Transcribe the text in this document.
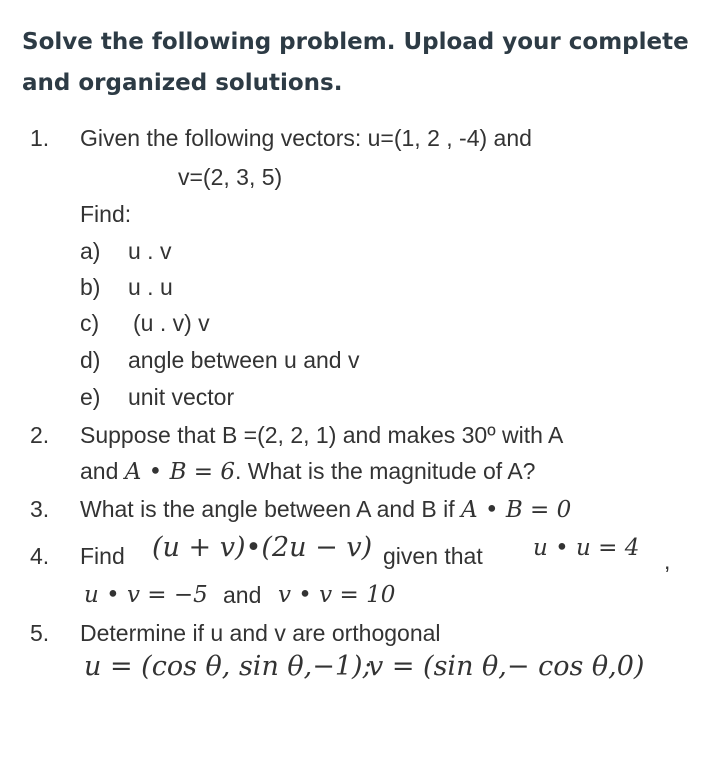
Solve the following problem. Upload your complete
and organized solutions.
1. Given the following vectors: u=(1, 2 , -4) and
v=(2, 3, 5)
Find:
a) u . v
b) u . u
c) (u . v) v
d) angle between u and v
e) unit vector
2. Suppose that B =(2, 2, 1) and makes 30º with A
and A • B = 6. What is the magnitude of A?
3. What is the angle between A and B if A • B = 0
4. Find (u + v)•(2u − v) given that u • u = 4 ,
u • v = −5 and v • v = 10
5. Determine if u and v are orthogonal
u = (cos θ, sin θ,−1);
v = (sin θ,− cos θ,0)
